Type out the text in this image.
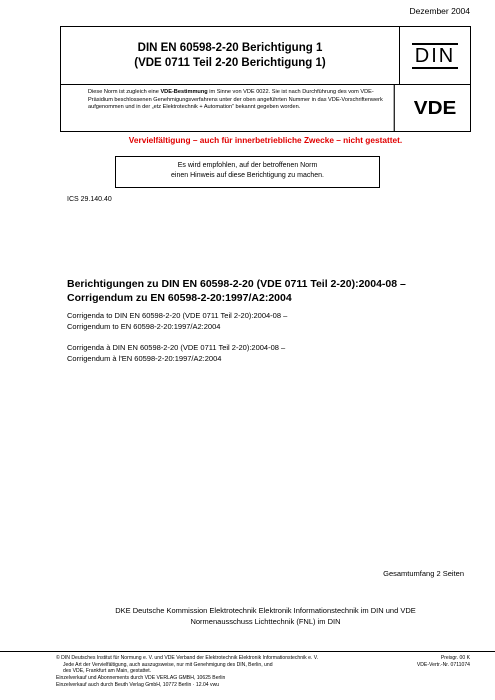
Dezember 2004
DIN EN 60598-2-20 Berichtigung 1
(VDE 0711 Teil 2-20 Berichtigung 1)	DIN
Diese Norm ist zugleich eine VDE-Bestimmung im Sinne von VDE 0022. Sie ist nach Durchführung des vom VDE-Präsidium beschlossenen Genehmigungsverfahrens unter der oben angeführten Nummer in das VDE-Vorschriftenwerk aufgenommen und in der „etz Elektrotechnik + Automation“ bekannt gegeben worden.	VDE
Vervielfältigung – auch für innerbetriebliche Zwecke – nicht gestattet.
Es wird empfohlen, auf der betroffenen Norm
einen Hinweis auf diese Berichtigung zu machen.
ICS 29.140.40
Berichtigungen zu DIN EN 60598-2-20 (VDE 0711 Teil 2-20):2004-08 –
Corrigendum zu EN 60598-2-20:1997/A2:2004
Corrigenda to DIN EN 60598-2-20 (VDE 0711 Teil 2-20):2004-08 –
Corrigendum to EN 60598-2-20:1997/A2:2004
Corrigenda à DIN EN 60598-2-20 (VDE 0711 Teil 2-20):2004-08 –
Corrigendum à l'EN 60598-2-20:1997/A2:2004
Gesamtumfang 2 Seiten
DKE Deutsche Kommission Elektrotechnik Elektronik Informationstechnik im DIN und VDE
Normenausschuss Lichttechnik (FNL) im DIN
© DIN Deutsches Institut für Normung e. V. und VDE Verband der Elektrotechnik Elektronik Informationstechnik e. V.
Jede Art der Vervielfältigung, auch auszugsweise, nur mit Genehmigung des DIN, Berlin, und
des VDE, Frankfurt am Main, gestattet.
Einzelverkauf und Abonnements durch VDE VERLAG GMBH, 10625 Berlin
Einzelverkauf auch durch Beuth Verlag GmbH, 10772 Berlin · 12.04 vwu
Preisgr. 00 K
VDE-Vertr.-Nr. 0711074
